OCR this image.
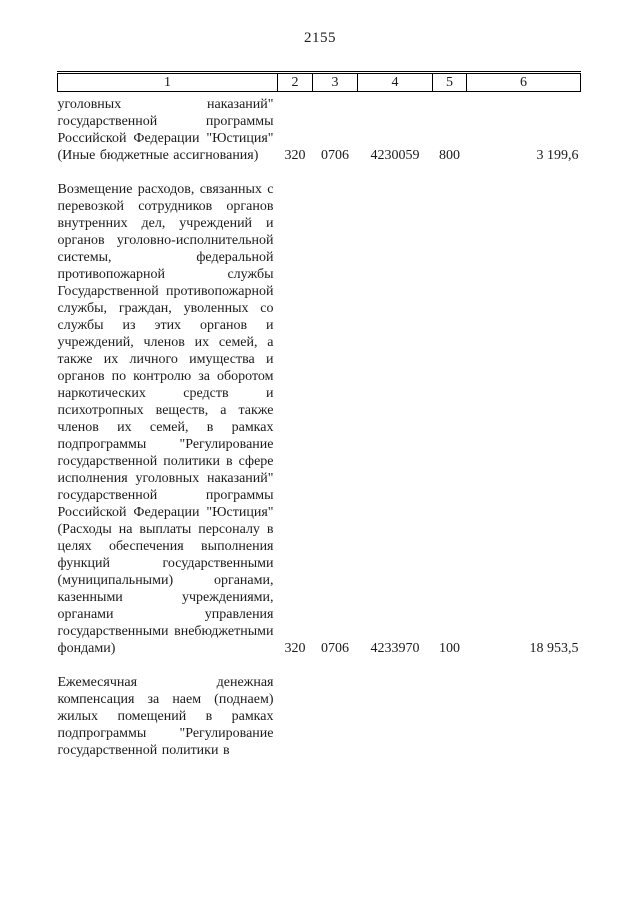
2155
1	2	3	4	5	6
уголовных наказаний" государственной программы Российской Федерации "Юстиция" (Иные бюджетные ассигнования)	320	0706	4230059	800	3 199,6
Возмещение расходов, связанных с перевозкой сотрудников органов внутренних дел, учреждений и органов уголовно-исполнительной системы, федеральной противопожарной службы Государственной противопожарной службы, граждан, уволенных со службы из этих органов и учреждений, членов их семей, а также их личного имущества и органов по контролю за оборотом наркотических средств и психотропных веществ, а также членов их семей, в рамках подпрограммы "Регулирование государственной политики в сфере исполнения уголовных наказаний" государственной программы Российской Федерации "Юстиция" (Расходы на выплаты персоналу в целях обеспечения выполнения функций государственными (муниципальными) органами, казенными учреждениями, органами управления государственными внебюджетными фондами)	320	0706	4233970	100	18 953,5
Ежемесячная денежная компенсация за наем (поднаем) жилых помещений в рамках подпрограммы "Регулирование государственной политики в					
